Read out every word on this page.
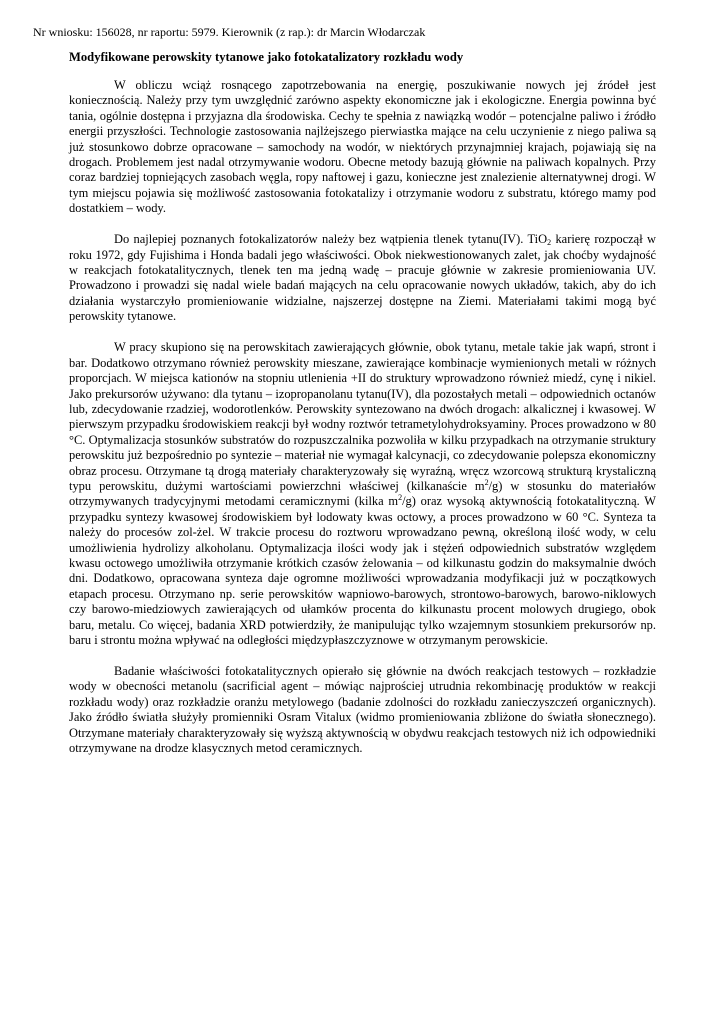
Nr wniosku: 156028, nr raportu: 5979. Kierownik (z rap.): dr Marcin Włodarczak
Modyfikowane perowskity tytanowe jako fotokatalizatory rozkładu wody

W obliczu wciąż rosnącego zapotrzebowania na energię, poszukiwanie nowych jej źródeł jest koniecznością. Należy przy tym uwzględnić zarówno aspekty ekonomiczne jak i ekologiczne. Energia powinna być tania, ogólnie dostępna i przyjazna dla środowiska. Cechy te spełnia z nawiązką wodór – potencjalne paliwo i źródło energii przyszłości. Technologie zastosowania najlżejszego pierwiastka mające na celu uczynienie z niego paliwa są już stosunkowo dobrze opracowane – samochody na wodór, w niektórych przynajmniej krajach, pojawiają się na drogach. Problemem jest nadal otrzymywanie wodoru. Obecne metody bazują głównie na paliwach kopalnych. Przy coraz bardziej topniejących zasobach węgla, ropy naftowej i gazu, konieczne jest znalezienie alternatywnej drogi. W tym miejscu pojawia się możliwość zastosowania fotokatalizy i otrzymanie wodoru z substratu, którego mamy pod dostatkiem – wody.

Do najlepiej poznanych fotokalizatorów należy bez wątpienia tlenek tytanu(IV). TiO$_2$ karierę rozpoczął w roku 1972, gdy Fujishima i Honda badali jego właściwości. Obok niekwestionowanych zalet, jak choćby wydajność w reakcjach fotokatalitycznych, tlenek ten ma jedną wadę – pracuje głównie w zakresie promieniowania UV. Prowadzono i prowadzi się nadal wiele badań mających na celu opracowanie nowych układów, takich, aby do ich działania wystarczyło promieniowanie widzialne, najszerzej dostępne na Ziemi. Materiałami takimi mogą być perowskity tytanowe.

W pracy skupiono się na perowskitach zawierających głównie, obok tytanu, metale takie jak wapń, stront i bar. Dodatkowo otrzymano również perowskity mieszane, zawierające kombinacje wymienionych metali w różnych proporcjach. W miejsca kationów na stopniu utlenienia +II do struktury wprowadzono również miedź, cynę i nikiel. Jako prekursorów używano: dla tytanu – izopropanolanu tytanu(IV), dla pozostałych metali – odpowiednich octanów lub, zdecydowanie rzadziej, wodorotlenków. Perowskity syntezowano na dwóch drogach: alkalicznej i kwasowej. W pierwszym przypadku środowiskiem reakcji był wodny roztwór tetrametylohydroksyaminy. Proces prowadzono w 80 °C. Optymalizacja stosunków substratów do rozpuszczalnika pozwoliła w kilku przypadkach na otrzymanie struktury perowskitu już bezpośrednio po syntezie – materiał nie wymagał kalcynacji, co zdecydowanie polepsza ekonomiczny obraz procesu. Otrzymane tą drogą materiały charakteryzowały się wyraźną, wręcz wzorcową strukturą krystaliczną typu perowskitu, dużymi wartościami powierzchni właściwej (kilkanaście $m^2/g$) w stosunku do materiałów otrzymywanych tradycyjnymi metodami ceramicznymi (kilka $m^2/g$) oraz wysoką aktywnością fotokatalityczną. W przypadku syntezy kwasowej środowiskiem był lodowaty kwas octowy, a proces prowadzono w 60 °C. Synteza ta należy do procesów zol-żel. W trakcie procesu do roztworu wprowadzano pewną, określoną ilość wody, w celu umożliwienia hydrolizy alkoholanu. Optymalizacja ilości wody jak i stężeń odpowiednich substratów względem kwasu octowego umożliwiła otrzymanie krótkich czasów żelowania – od kilkunastu godzin do maksymalnie dwóch dni. Dodatkowo, opracowana synteza daje ogromne możliwości wprowadzania modyfikacji już w początkowych etapach procesu. Otrzymano np. serie perowskitów wapniowo-barowych, strontowo-barowych, barowo-niklowych czy barowo-miedziowych zawierających od ułamków procenta do kilkunastu procent molowych drugiego, obok baru, metalu. Co więcej, badania XRD potwierdziły, że manipulując tylko wzajemnym stosunkiem prekursorów np. baru i strontu można wpływać na odległości międzypłaszczyznowe w otrzymanym perowskicie.

Badanie właściwości fotokatalitycznych opierało się głównie na dwóch reakcjach testowych – rozkładzie wody w obecności metanolu (sacrificial agent – mówiąc najprościej utrudnia rekombinację produktów w reakcji rozkładu wody) oraz rozkładzie oranżu metylowego (badanie zdolności do rozkładu zanieczyszczeń organicznych). Jako źródło światła służyły promienniki Osram Vitalux (widmo promieniowania zbliżone do światła słonecznego). Otrzymane materiały charakteryzowały się wyższą aktywnością w obydwu reakcjach testowych niż ich odpowiedniki otrzymywane na drodze klasycznych metod ceramicznych.
